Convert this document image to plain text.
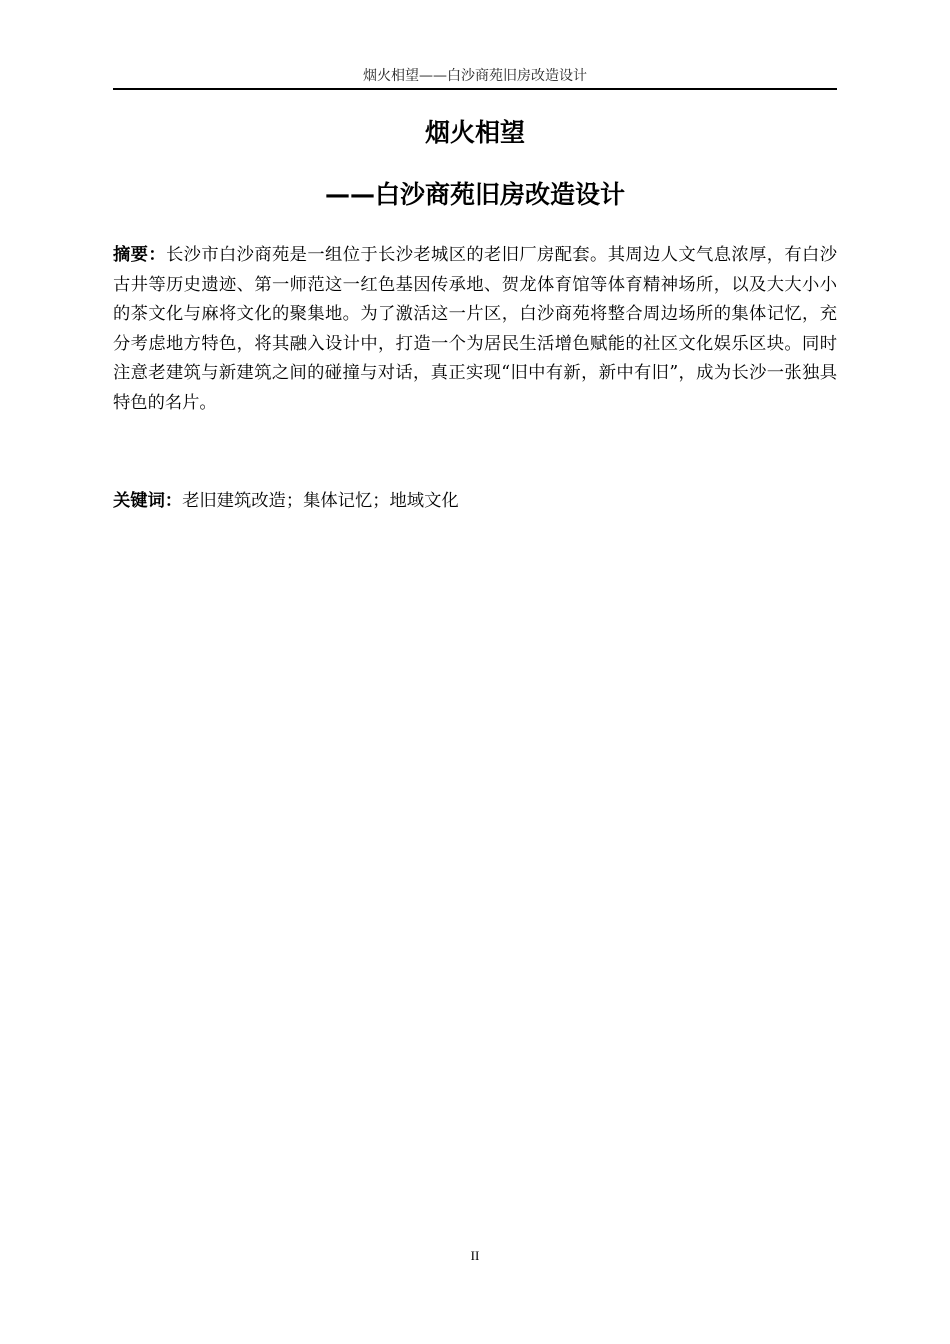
烟火相望——白沙商苑旧房改造设计
烟火相望
——白沙商苑旧房改造设计

摘要：长沙市白沙商苑是一组位于长沙老城区的老旧厂房配套。其周边人文气息浓厚，有白沙古井等历史遗迹、第一师范这一红色基因传承地、贺龙体育馆等体育精神场所，以及大大小小的茶文化与麻将文化的聚集地。为了激活这一片区，白沙商苑将整合周边场所的集体记忆，充分考虑地方特色，将其融入设计中，打造一个为居民生活增色赋能的社区文化娱乐区块。同时注意老建筑与新建筑之间的碰撞与对话，真正实现“旧中有新，新中有旧”，成为长沙一张独具特色的名片。

关键词：老旧建筑改造；集体记忆；地域文化

II
